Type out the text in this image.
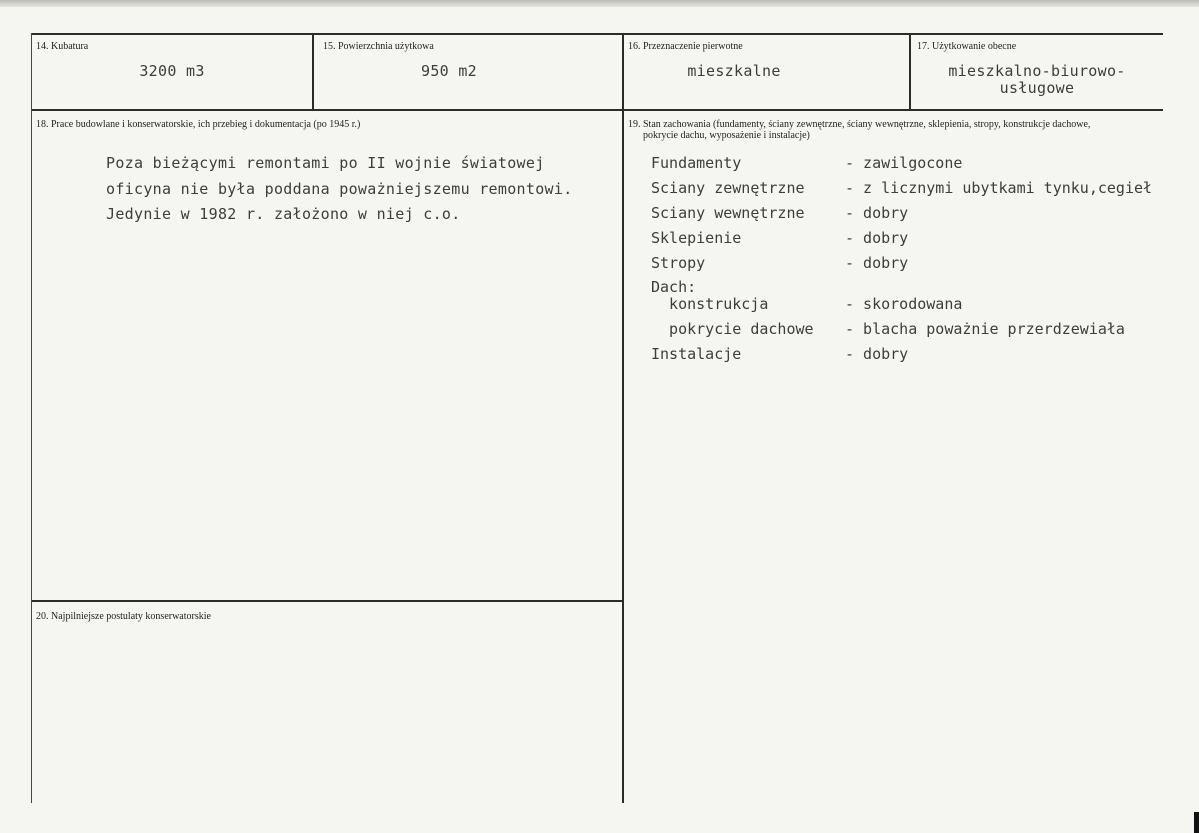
14. Kubatura
3200 m3
15. Powierzchnia użytkowa
950 m2
16. Przeznaczenie pierwotne
mieszkalne
17. Użytkowanie obecne
mieszkalno-biurowo-
usługowe
18. Prace budowlane i konserwatorskie, ich przebieg i dokumentacja (po 1945 r.)
Poza bieżącymi remontami po II wojnie światowej
oficyna nie była poddana poważniejszemu remontowi.
Jedynie w 1982 r. założono w niej c.o.
19. Stan zachowania (fundamenty, ściany zewnętrzne, ściany wewnętrzne, sklepienia, stropy, konstrukcje dachowe,
pokrycie dachu, wyposażenie i instalacje)
Fundamenty	- zawilgocone
Sciany zewnętrzne	- z licznymi ubytkami tynku,cegieł
Sciany wewnętrzne	- dobry
Sklepienie	- dobry
Stropy	- dobry
Dach:
konstrukcja	- skorodowana
pokrycie dachowe - blacha poważnie przerdzewiała
Instalacje	- dobry
20. Najpilniejsze postulaty konserwatorskie
